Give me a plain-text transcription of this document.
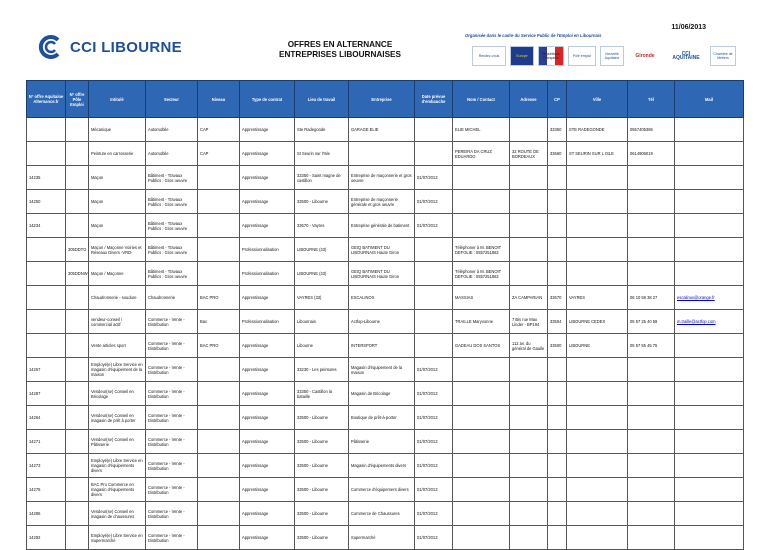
11/06/2013
CCI LIBOURNE	OFFRES EN ALTERNANCE
ENTREPRISES LIBOURNAISES
Organisée dans le cadre du Service Public de l'Emploi en Libournais
Rendez-vous	Europe	République Française	Pôle emploi	Nouvelle Aquitaine	Gironde	CCI AQUITAINE
Chambre de Métiers
N° offre Aquitaine Alternance.fr	N° offre Pôle Emploi	Intitulé	Secteur	Niveau	Type de contrat	Lieu de travail	Entreprise	Date prévue d'embauche	Nom / Contact	Adresse	CP	Ville	Tél	Mail
		Mécanique	Automobile	CAP	Apprentissage	Ste Radegonde	GARAGE ELIE		ELIE MICHEL		33350	STE RADEGONDE	0557405386	
		Peinture en carrosserie	Automobile	CAP	Apprentissage	St Seurin sur l'Isle			PEREIRA DA CRUZ EDUARDO	32 ROUTE DE BORDEAUX	33660	ST SEURIN SUR L ISLE	0614906019	
14235		Maçon	Bâtiment - Travaux Publics : Gros oeuvre		Apprentissage	33350 - Saint magne de castillon	Entreprise de maçonnerie et gros oeuvre	01/07/2013						
14250		Maçon	Bâtiment - Travaux Publics : Gros oeuvre		Apprentissage	33500 - Libourne	Entreprise de maçonnerie générale et gros oeuvre	01/07/2013						
14234		Maçon	Bâtiment - Travaux Publics : Gros oeuvre		Apprentissage	33670 - Vayres	Entreprise générale de batiment	01/07/2013						
	305DDTG	Maçon / Maçonne Voiries et Réseaux Divers -VRD-	Bâtiment - Travaux Publics : Gros oeuvre		Professionnalisation	LIBOURNE (33)	GEIQ BATIMENT DU LIBOURNAIS Haute Giron		Téléphoner à M. BENOIT DEFOLIE : 0557251882					
	305DDNW	Maçon / Maçonne	Bâtiment - Travaux Publics : Gros oeuvre		Professionnalisation	LIBOURNE (33)	GEIQ BATIMENT DU LIBOURNAIS Haute Giron		Téléphoner à M. BENOIT DEFOLIE : 0557251882					
		Chaudronnerie - soudure	Chaudronnerie	BAC PRO	Apprentissage	VAYRES (33)	ESCALINOX		MASSIAS	ZA CAMPARIAN	33670	VAYRES	06 10 59 38 27	escalinox@orange.fr
		vendeur-conseil / commercial actif	Commerce - Vente - Distribution	Bac	Professionnalisation	Libournais	Actfop-Libourne		TRAILLE Maryvonne	7 Bis rue Max Linder - BP194	33504	LIBOURNE CEDEX	05 57 25 40 59	m.traille@actfop.com
		Vente articles sport	Commerce - Vente - Distribution	BAC PRO	Apprentissage	Libourne	INTERSPORT		GADEAU DOS SANTOS	112 av. du général de Gaulle	33500	LIBOURNE	05 57 55 45 75	
14267		Employé(e) Libre Service en magasin d'équipement de la maison	Commerce - Vente - Distribution		Apprentissage	33230 - Les peintures	Magasin d'équipement de la maison	01/07/2013						
14287		Vendeur(se) Conseil en Bricolage	Commerce - Vente - Distribution		Apprentissage	33350 - Castillon la bataille	Magasin de Bricolage	01/07/2013						
14264		Vendeur(se) Conseil en magasin de prêt à porter	Commerce - Vente - Distribution		Apprentissage	33500 - Libourne	Boutique de prêt-à-porter	01/07/2013						
14271		Vendeur(se) Conseil en Pâtisserie	Commerce - Vente - Distribution		Apprentissage	33500 - Libourne	Pâtisserie	01/07/2013						
14273		Employé(e) Libre Service en magasin d'équipements divers	Commerce - Vente - Distribution		Apprentissage	33500 - Libourne	Magasin d'équipements divers	01/07/2013						
14275		BAC Pro Commerce en magasin d'équipements divers	Commerce - Vente - Distribution		Apprentissage	33500 - Libourne	Commerce d'équipement divers	01/07/2013						
14286		Vendeur(se) Conseil en magasin de chaussures	Commerce - Vente - Distribution		Apprentissage	33500 - Libourne	Commerce de Chaussures	01/07/2013						
14292		Employé(e) Libre Service en Supermarché	Commerce - Vente - Distribution		Apprentissage	33500 - Libourne	Supermarché	01/07/2013						
